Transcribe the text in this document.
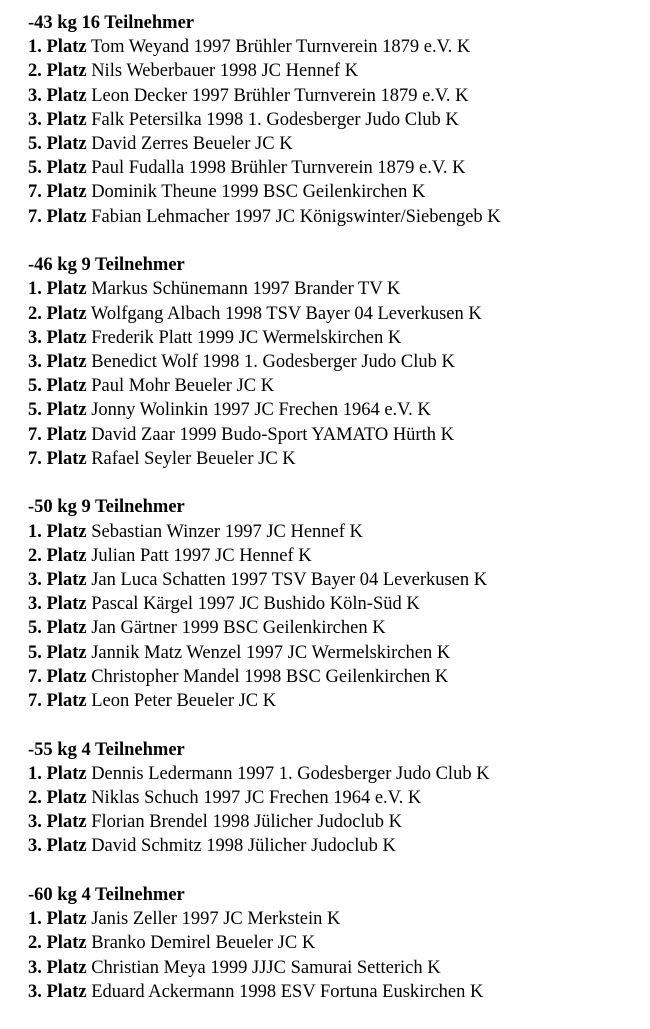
-43 kg 16 Teilnehmer
1. Platz Tom Weyand 1997 Brühler Turnverein 1879 e.V. K
2. Platz Nils Weberbauer 1998 JC Hennef K
3. Platz Leon Decker 1997 Brühler Turnverein 1879 e.V. K
3. Platz Falk Petersilka 1998 1. Godesberger Judo Club K
5. Platz David Zerres Beueler JC K
5. Platz Paul Fudalla 1998 Brühler Turnverein 1879 e.V. K
7. Platz Dominik Theune 1999 BSC Geilenkirchen K
7. Platz Fabian Lehmacher 1997 JC Königswinter/Siebengeb K
-46 kg 9 Teilnehmer
1. Platz Markus Schünemann 1997 Brander TV K
2. Platz Wolfgang Albach 1998 TSV Bayer 04 Leverkusen K
3. Platz Frederik Platt 1999 JC Wermelskirchen K
3. Platz Benedict Wolf 1998 1. Godesberger Judo Club K
5. Platz Paul Mohr Beueler JC K
5. Platz Jonny Wolinkin 1997 JC Frechen 1964 e.V. K
7. Platz David Zaar 1999 Budo-Sport YAMATO Hürth K
7. Platz Rafael Seyler Beueler JC K
-50 kg 9 Teilnehmer
1. Platz Sebastian Winzer 1997 JC Hennef K
2. Platz Julian Patt 1997 JC Hennef K
3. Platz Jan Luca Schatten 1997 TSV Bayer 04 Leverkusen K
3. Platz Pascal Kärgel 1997 JC Bushido Köln-Süd K
5. Platz Jan Gärtner 1999 BSC Geilenkirchen K
5. Platz Jannik Matz Wenzel 1997 JC Wermelskirchen K
7. Platz Christopher Mandel 1998 BSC Geilenkirchen K
7. Platz Leon Peter Beueler JC K
-55 kg 4 Teilnehmer
1. Platz Dennis Ledermann 1997 1. Godesberger Judo Club K
2. Platz Niklas Schuch 1997 JC Frechen 1964 e.V. K
3. Platz Florian Brendel 1998 Jülicher Judoclub K
3. Platz David Schmitz 1998 Jülicher Judoclub K
-60 kg 4 Teilnehmer
1. Platz Janis Zeller 1997 JC Merkstein K
2. Platz Branko Demirel Beueler JC K
3. Platz Christian Meya 1999 JJJC Samurai Setterich K
3. Platz Eduard Ackermann 1998 ESV Fortuna Euskirchen K
